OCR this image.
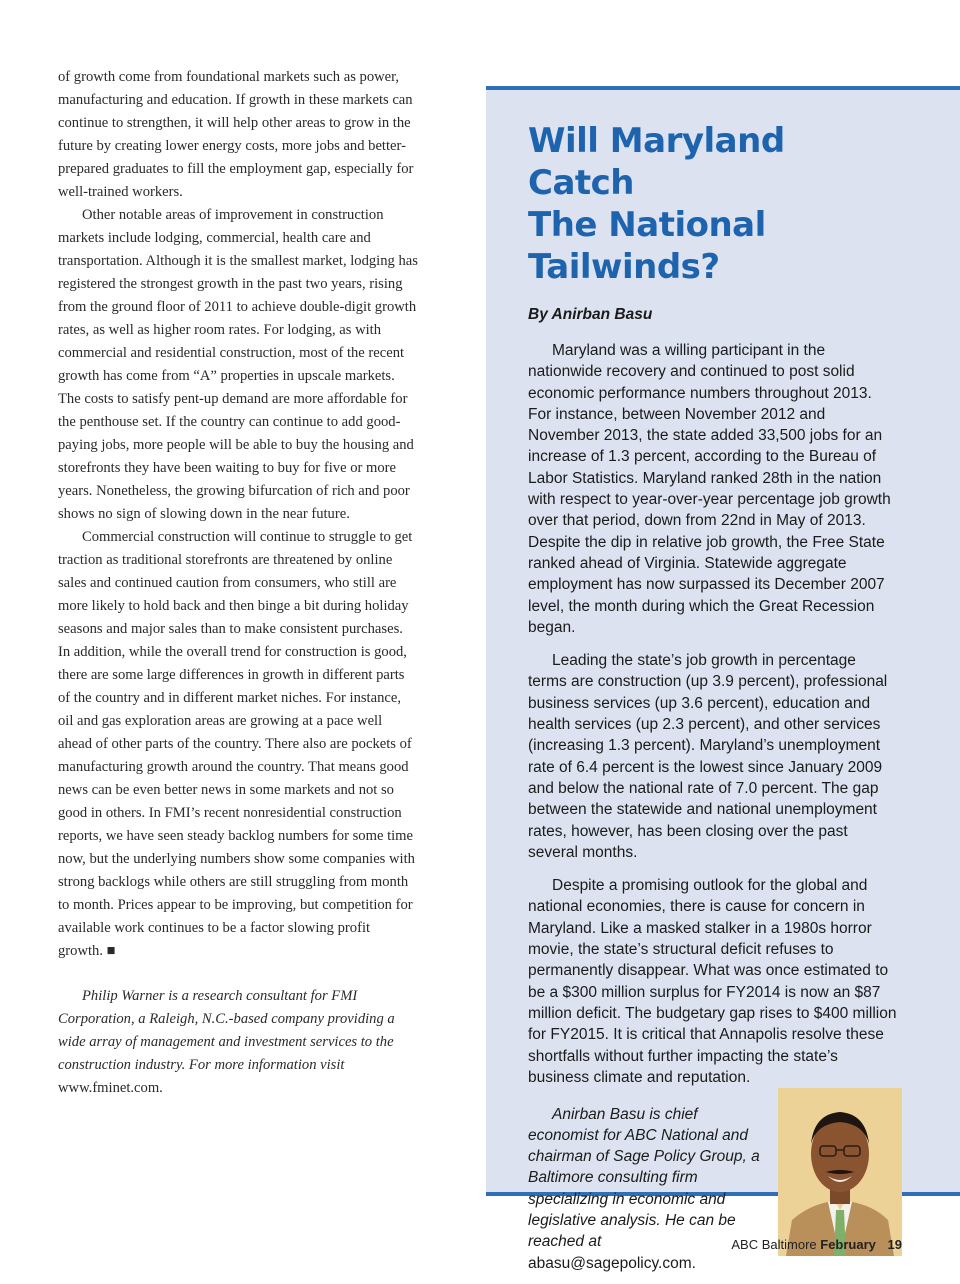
of growth come from foundational markets such as power, manufacturing and education. If growth in these markets can continue to strengthen, it will help other areas to grow in the future by creating lower energy costs, more jobs and better-prepared graduates to fill the employment gap, especially for well-trained workers.

Other notable areas of improvement in construction markets include lodging, commercial, health care and transportation. Although it is the smallest market, lodging has registered the strongest growth in the past two years, rising from the ground floor of 2011 to achieve double-digit growth rates, as well as higher room rates. For lodging, as with commercial and residential construction, most of the recent growth has come from “A” properties in upscale markets. The costs to satisfy pent-up demand are more affordable for the penthouse set. If the country can continue to add good-paying jobs, more people will be able to buy the housing and storefronts they have been waiting to buy for five or more years. Nonetheless, the growing bifurcation of rich and poor shows no sign of slowing down in the near future.

Commercial construction will continue to struggle to get traction as traditional storefronts are threatened by online sales and continued caution from consumers, who still are more likely to hold back and then binge a bit during holiday seasons and major sales than to make consistent purchases. In addition, while the overall trend for construction is good, there are some large differences in growth in different parts of the country and in different market niches. For instance, oil and gas exploration areas are growing at a pace well ahead of other parts of the country. There also are pockets of manufacturing growth around the country. That means good news can be even better news in some markets and not so good in others. In FMI’s recent nonresidential construction reports, we have seen steady backlog numbers for some time now, but the underlying numbers show some companies with strong backlogs while others are still struggling from month to month. Prices appear to be improving, but competition for available work continues to be a factor slowing profit growth. ■

Philip Warner is a research consultant for FMI Corporation, a Raleigh, N.C.-based company providing a wide array of management and investment services to the construction industry. For more information visit www.fminet.com.

Will Maryland Catch
The National Tailwinds?
By Anirban Basu

Maryland was a willing participant in the nationwide recovery and continued to post solid economic performance numbers throughout 2013. For instance, between November 2012 and November 2013, the state added 33,500 jobs for an increase of 1.3 percent, according to the Bureau of Labor Statistics. Maryland ranked 28th in the nation with respect to year-over-year percentage job growth over that period, down from 22nd in May of 2013. Despite the dip in relative job growth, the Free State ranked ahead of Virginia. Statewide aggregate employment has now surpassed its December 2007 level, the month during which the Great Recession began.

Leading the state’s job growth in percentage terms are construction (up 3.9 percent), professional business services (up 3.6 percent), education and health services (up 2.3 percent), and other services (increasing 1.3 percent). Maryland’s unemployment rate of 6.4 percent is the lowest since January 2009 and below the national rate of 7.0 percent. The gap between the statewide and national unemployment rates, however, has been closing over the past several months.

Despite a promising outlook for the global and national economies, there is cause for concern in Maryland. Like a masked stalker in a 1980s horror movie, the state’s structural deficit refuses to permanently disappear. What was once estimated to be a $300 million surplus for FY2014 is now an $87 million deficit. The budgetary gap rises to $400 million for FY2015. It is critical that Annapolis resolve these shortfalls without further impacting the state’s business climate and reputation.

Anirban Basu is chief economist for ABC National and chairman of Sage Policy Group, a Baltimore consulting firm specializing in economic and legislative analysis. He can be reached at abasu@sagepolicy.com.

ABC Baltimore February 19
